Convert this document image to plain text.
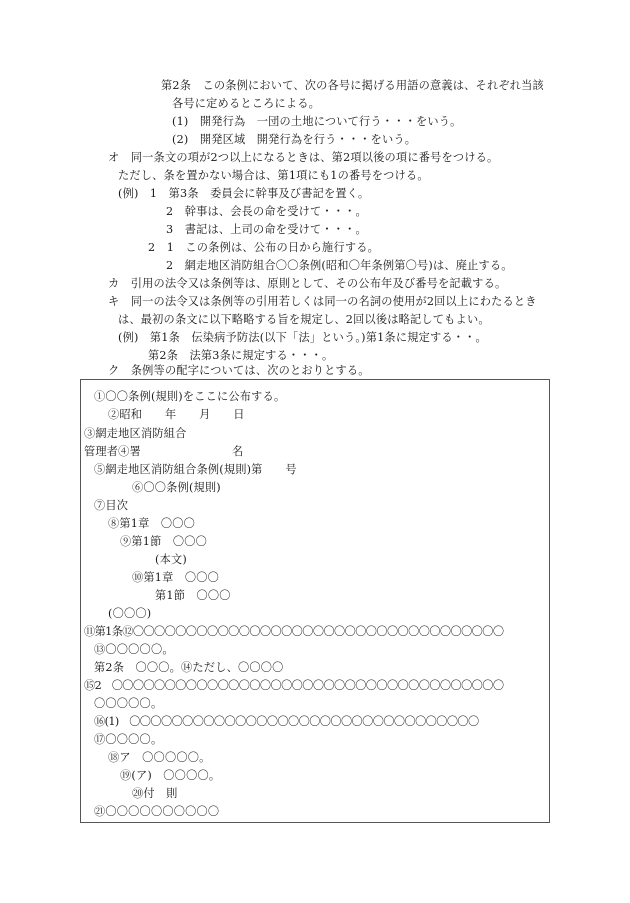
第2条　この条例において、次の各号に掲げる用語の意義は、それぞれ当該
各号に定めるところによる。
(1)　開発行為　一団の土地について行う・・・をいう。
(2)　開発区域　開発行為を行う・・・をいう。
オ　同一条文の項が2つ以上になるときは、第2項以後の項に番号をつける。
ただし、条を置かない場合は、第1項にも1の番号をつける。
(例)　1　第3条　委員会に幹事及び書記を置く。
2　幹事は、会長の命を受けて・・・。
3　書記は、上司の命を受けて・・・。
2　1　この条例は、公布の日から施行する。
2　網走地区消防組合〇〇条例(昭和〇年条例第〇号)は、廃止する。
カ　引用の法令又は条例等は、原則として、その公布年及び番号を記載する。
キ　同一の法令又は条例等の引用若しくは同一の名詞の使用が2回以上にわたるとき
は、最初の条文に以下略略する旨を規定し、2回以後は略記してもよい。
(例)　第1条　伝染病予防法(以下「法」という。)第1条に規定する・・。
第2条　法第3条に規定する・・・。
ク　条例等の配字については、次のとおりとする。
①〇〇条例(規則)をここに公布する。
②昭和　　年　　月　　日
③網走地区消防組合
管理者④署　　　　　　　　名
⑤網走地区消防組合条例(規則)第　　号
⑥〇〇条例(規則)
⑦目次
⑧第1章　〇〇〇
⑨第1節　〇〇〇
(本文)
⑩第1章　〇〇〇
第1節　〇〇〇
(〇〇〇)
⑪第1条⑫〇〇〇〇〇〇〇〇〇〇〇〇〇〇〇〇〇〇〇〇〇〇〇〇〇〇〇〇〇〇〇〇〇〇〇
⑬〇〇〇〇〇。
第2条　〇〇〇。⑭ただし、〇〇〇〇
⑮2　〇〇〇〇〇〇〇〇〇〇〇〇〇〇〇〇〇〇〇〇〇〇〇〇〇〇〇〇〇〇〇〇〇〇〇〇〇
〇〇〇〇〇。
⑯(1)　〇〇〇〇〇〇〇〇〇〇〇〇〇〇〇〇〇〇〇〇〇〇〇〇〇〇〇〇〇〇〇〇〇
⑰〇〇〇〇。
⑱ア　〇〇〇〇〇。
⑲(ア)　〇〇〇〇。
⑳付　則
㉑〇〇〇〇〇〇〇〇〇〇
